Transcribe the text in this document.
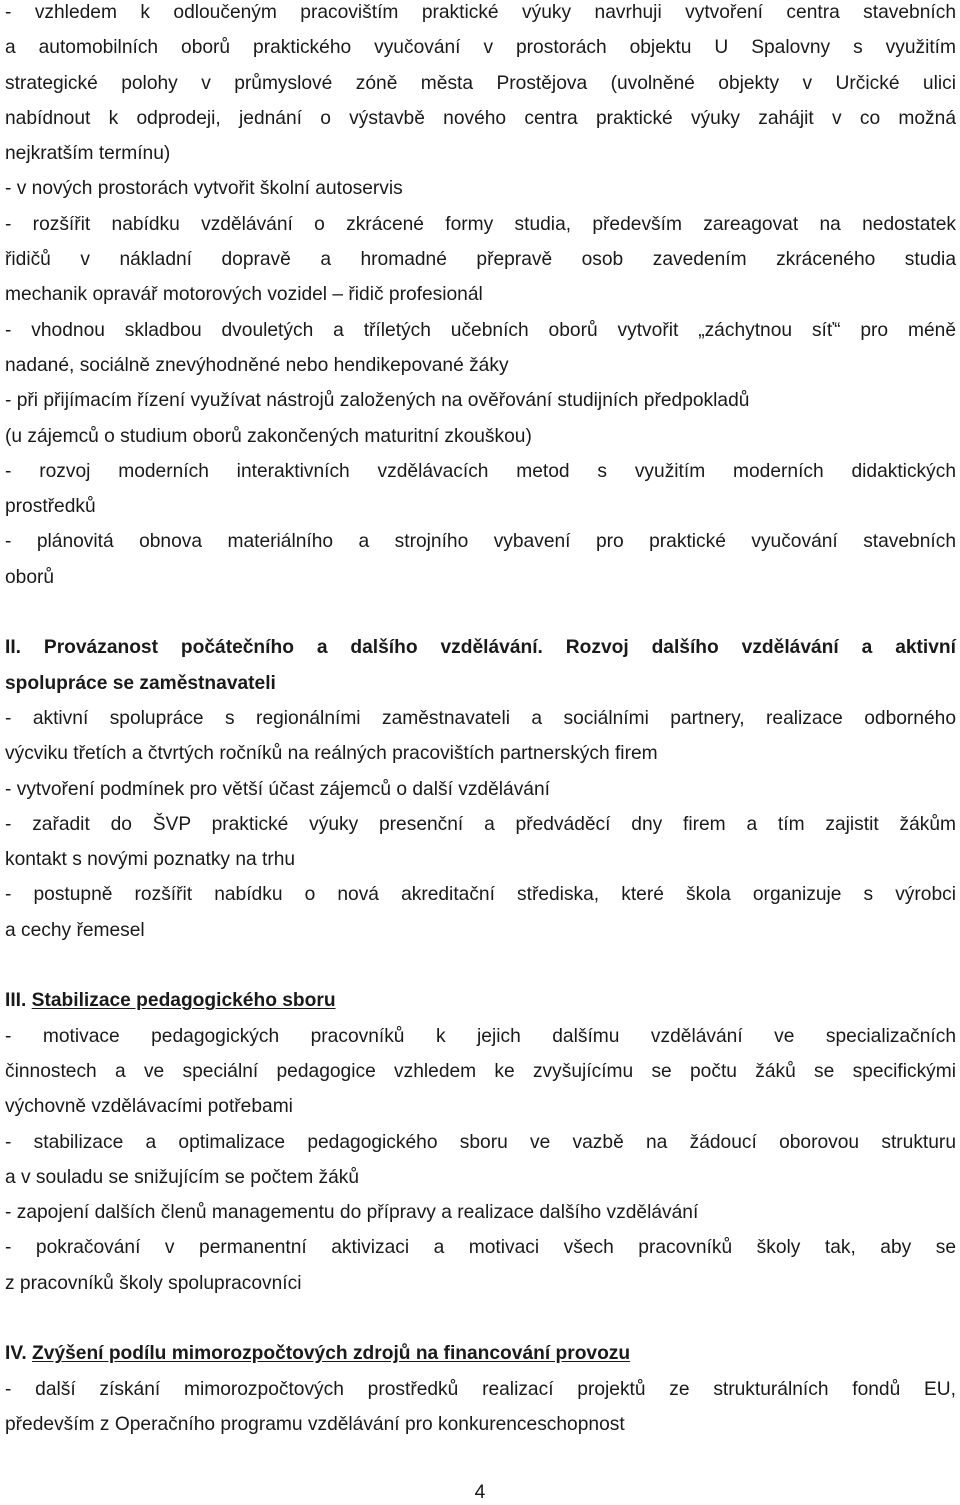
- vzhledem k odloučeným pracovištím praktické výuky navrhuji vytvoření centra stavebních
a automobilních oborů praktického vyučování v prostorách objektu U Spalovny s využitím
strategické polohy v průmyslové zóně města Prostějova (uvolněné objekty v Určické ulici
nabídnout k odprodeji, jednání o výstavbě nového centra praktické výuky zahájit v co možná
nejkratším termínu)
- v nových prostorách vytvořit školní autoservis
- rozšířit nabídku vzdělávání o zkrácené formy studia, především zareagovat na nedostatek
řidičů v nákladní dopravě a hromadné přepravě osob zavedením zkráceného studia
mechanik opravář motorových vozidel – řidič profesionál
- vhodnou skladbou dvouletých a tříletých učebních oborů vytvořit „záchytnou síť“ pro méně
nadané, sociálně znevýhodněné nebo hendikepované žáky
- při přijímacím řízení využívat nástrojů založených na ověřování studijních předpokladů
(u zájemců o studium oborů zakončených maturitní zkouškou)
- rozvoj moderních interaktivních vzdělávacích metod s využitím moderních didaktických
prostředků
- plánovitá obnova materiálního a strojního vybavení pro praktické vyučování stavebních
oborů
II. Provázanost počátečního a dalšího vzdělávání. Rozvoj dalšího vzdělávání a aktivní
spolupráce se zaměstnavateli
- aktivní spolupráce s regionálními zaměstnavateli a sociálními partnery, realizace odborného
výcviku třetích a čtvrtých ročníků na reálných pracovištích partnerských firem
- vytvoření podmínek pro větší účast zájemců o další vzdělávání
- zařadit do ŠVP praktické výuky presenční a předváděcí dny firem a tím zajistit žákům
kontakt s novými poznatky na trhu
- postupně rozšířit nabídku o nová akreditační střediska, které škola organizuje s výrobci
a cechy řemesel
III. Stabilizace pedagogického sboru
- motivace pedagogických pracovníků k jejich dalšímu vzdělávání ve specializačních
činnostech a ve speciální pedagogice vzhledem ke zvyšujícímu se počtu žáků se specifickými
výchovně vzdělávacími potřebami
- stabilizace a optimalizace pedagogického sboru ve vazbě na žádoucí oborovou strukturu
a v souladu se snižujícím se počtem žáků
- zapojení dalších členů managementu do přípravy a realizace dalšího vzdělávání
- pokračování v permanentní aktivizaci a motivaci všech pracovníků školy tak, aby se
z pracovníků školy spolupracovníci
IV. Zvýšení podílu mimorozpočtových zdrojů na financování provozu
- další získání mimorozpočtových prostředků realizací projektů ze strukturálních fondů EU,
především z Operačního programu vzdělávání pro konkurenceschopnost
4
